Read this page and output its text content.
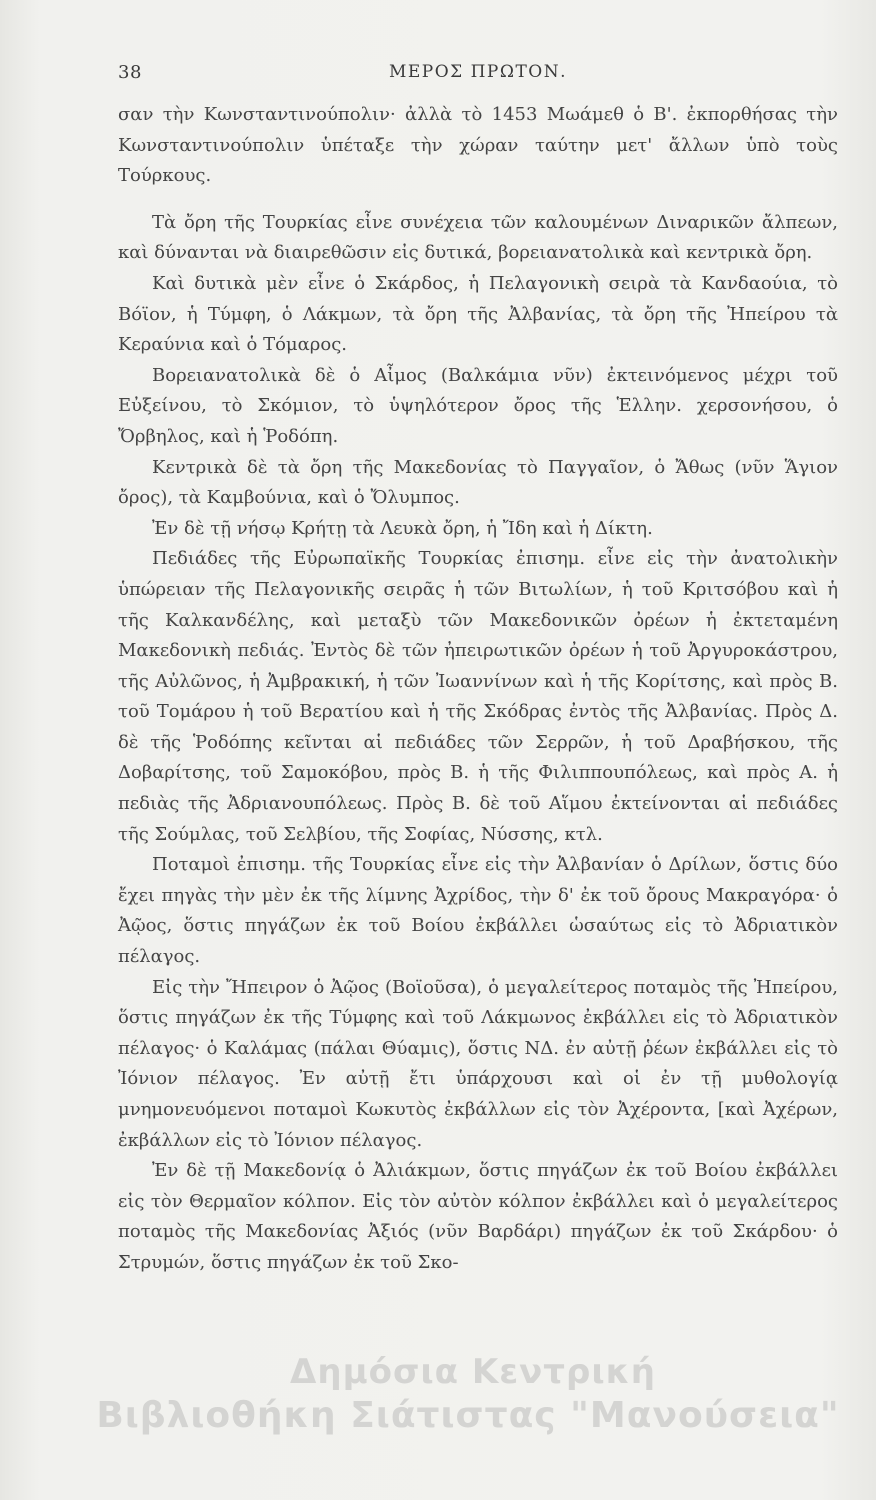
38	ΜΕΡΟΣ ΠΡΩΤΟΝ.

σαν τὴν Κωνσταντινούπολιν· ἀλλὰ τὸ 1453 Μωάμεθ ὁ Β'. ἐκπορθήσας τὴν Κωνσταντινούπολιν ὑπέταξε τὴν χώραν ταύτην μετ' ἄλλων ὑπὸ τοὺς Τούρκους.

Τὰ ὄρη τῆς Τουρκίας εἶνε συνέχεια τῶν καλουμένων Διναρικῶν ἄλπεων, καὶ δύνανται νὰ διαιρεθῶσιν εἰς δυτικά, βορειανατολικὰ καὶ κεντρικὰ ὄρη.

Καὶ δυτικὰ μὲν εἶνε ὁ Σκάρδος, ἡ Πελαγονικὴ σειρὰ τὰ Κανδαούια, τὸ Βόϊον, ἡ Τύμφη, ὁ Λάκμων, τὰ ὄρη τῆς Ἀλβανίας, τὰ ὄρη τῆς Ἠπείρου τὰ Κεραύνια καὶ ὁ Τόμαρος.

Βορειανατολικὰ δὲ ὁ Αἶμος (Βαλκάμια νῦν) ἐκτεινόμενος μέχρι τοῦ Εὐξείνου, τὸ Σκόμιον, τὸ ὑψηλότερον ὄρος τῆς Ἑλλην. χερσονήσου, ὁ Ὄρβηλος, καὶ ἡ Ῥοδόπη.

Κεντρικὰ δὲ τὰ ὄρη τῆς Μακεδονίας τὸ Παγγαῖον, ὁ Ἄθως (νῦν Ἅγιον ὄρος), τὰ Καμβούνια, καὶ ὁ Ὄλυμπος.

Ἐν δὲ τῇ νήσῳ Κρήτῃ τὰ Λευκὰ ὄρη, ἡ Ἴδη καὶ ἡ Δίκτη.

Πεδιάδες τῆς Εὐρωπαϊκῆς Τουρκίας ἐπισημ. εἶνε εἰς τὴν ἀνατολικὴν ὑπώρειαν τῆς Πελαγονικῆς σειρᾶς ἡ τῶν Βιτωλίων, ἡ τοῦ Κριτσόβου καὶ ἡ τῆς Καλκανδέλης, καὶ μεταξὺ τῶν Μακεδονικῶν ὀρέων ἡ ἐκτεταμένη Μακεδονικὴ πεδιάς. Ἐντὸς δὲ τῶν ἠπειρωτικῶν ὀρέων ἡ τοῦ Ἀργυροκάστρου, τῆς Αὐλῶνος, ἡ Ἀμβρακική, ἡ τῶν Ἰωαννίνων καὶ ἡ τῆς Κορίτσης, καὶ πρὸς Β. τοῦ Τομάρου ἡ τοῦ Βερατίου καὶ ἡ τῆς Σκόδρας ἐντὸς τῆς Ἀλβανίας. Πρὸς Δ. δὲ τῆς Ῥοδόπης κεῖνται αἱ πεδιάδες τῶν Σερρῶν, ἡ τοῦ Δραβήσκου, τῆς Δοβαρίτσης, τοῦ Σαμοκόβου, πρὸς Β. ἡ τῆς Φιλιππουπόλεως, καὶ πρὸς Α. ἡ πεδιὰς τῆς Ἀδριανουπόλεως. Πρὸς Β. δὲ τοῦ Αἵμου ἐκτείνονται αἱ πεδιάδες τῆς Σούμλας, τοῦ Σελβίου, τῆς Σοφίας, Νύσσης, κτλ.

Ποταμοὶ ἐπισημ. τῆς Τουρκίας εἶνε εἰς τὴν Ἀλβανίαν ὁ Δρίλων, ὅστις δύο ἔχει πηγὰς τὴν μὲν ἐκ τῆς λίμνης Ἀχρίδος, τὴν δ' ἐκ τοῦ ὄρους Μακραγόρα· ὁ Ἀῷος, ὅστις πηγάζων ἐκ τοῦ Βοίου ἐκβάλλει ὡσαύτως εἰς τὸ Ἀδριατικὸν πέλαγος.

Εἰς τὴν Ἤπειρον ὁ Ἀῷος (Βοϊοῦσα), ὁ μεγαλείτερος ποταμὸς τῆς Ἠπείρου, ὅστις πηγάζων ἐκ τῆς Τύμφης καὶ τοῦ Λάκμωνος ἐκβάλλει εἰς τὸ Ἀδριατικὸν πέλαγος· ὁ Καλάμας (πάλαι Θύαμις), ὅστις ΝΔ. ἐν αὐτῇ ῥέων ἐκβάλλει εἰς τὸ Ἰόνιον πέλαγος. Ἐν αὐτῇ ἔτι ὑπάρχουσι καὶ οἱ ἐν τῇ μυθολογίᾳ μνημονευόμενοι ποταμοὶ Κωκυτὸς ἐκβάλλων εἰς τὸν Ἀχέροντα, [καὶ Ἀχέρων, ἐκβάλλων εἰς τὸ Ἰόνιον πέλαγος.

Ἐν δὲ τῇ Μακεδονίᾳ ὁ Ἀλιάκμων, ὅστις πηγάζων ἐκ τοῦ Βοίου ἐκβάλλει εἰς τὸν Θερμαῖον κόλπον. Εἰς τὸν αὐτὸν κόλπον ἐκβάλλει καὶ ὁ μεγαλείτερος ποταμὸς τῆς Μακεδονίας Ἀξιός (νῦν Βαρδάρι) πηγάζων ἐκ τοῦ Σκάρδου· ὁ Στρυμών, ὅστις πηγάζων ἐκ τοῦ Σκο-

Δημόσια Κεντρική
Βιβλιοθήκη Σιάτιστας "Μανούσεια"
